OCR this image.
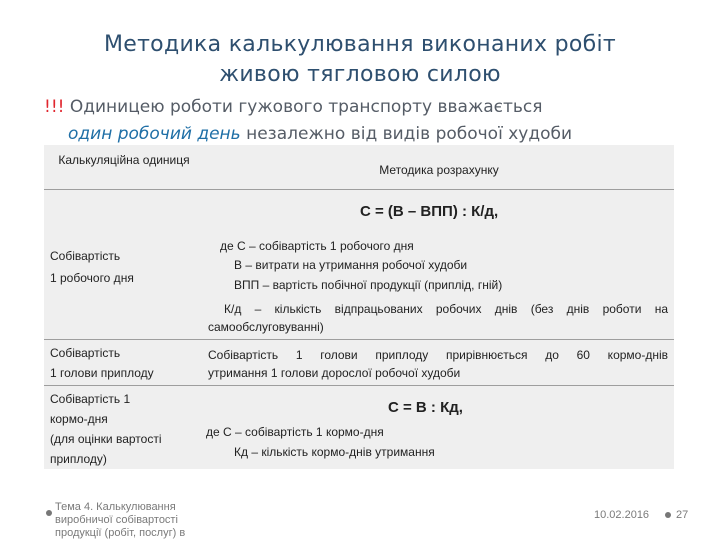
Методика калькулювання виконаних робіт
живою тягловою силою
!!! Одиницею роботи гужового транспорту вважається
один робочий день незалежно від видів робочої худоби
Калькуляційна одиниця
Методика розрахунку
Собівартість
1 робочого дня
С = (В – ВПП) : К/д,
де С – собівартість 1 робочого дня
В – витрати на утримання робочої худоби
ВПП – вартість побічної продукції (приплід, гній)
К/д – кількість відпрацьованих робочих днів (без днів роботи на
самообслуговуванні)
Собівартість
1 голови приплоду
Собівартість 1 голови приплоду прирівнюється до 60 кормо-днів
утримання 1 голови дорослої робочої худоби
Собівартість 1
кормо-дня
(для оцінки вартості
приплоду)
С = В : Кд,
де С – собівартість 1 кормо-дня
Кд – кількість кормо-днів утримання
Тема 4. Калькулювання
виробничої собівартості
продукції (робіт, послуг) в
10.02.2016 27
